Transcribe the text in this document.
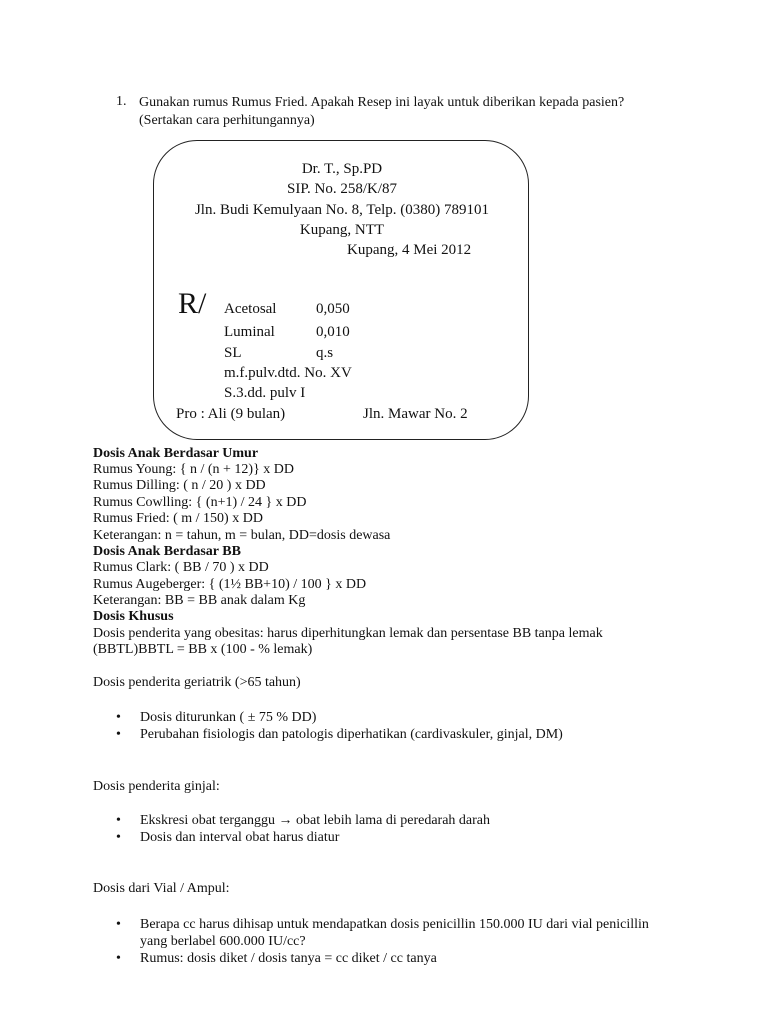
1. Gunakan rumus Rumus Fried. Apakah Resep ini layak untuk diberikan kepada pasien?
(Sertakan cara perhitungannya)
Dr. T., Sp.PD
SIP. No. 258/K/87
Jln. Budi Kemulyaan No. 8, Telp. (0380) 789101
Kupang, NTT
Kupang, 4 Mei 2012
R/ Acetosal	0,050
Luminal	0,010
SL	q.s
m.f.pulv.dtd. No. XV
S.3.dd. pulv I
Pro : Ali (9 bulan)	Jln. Mawar No. 2
Dosis Anak Berdasar Umur
Rumus Young: { n / (n + 12)} x DD
Rumus Dilling: ( n / 20 ) x DD
Rumus Cowlling: { (n+1) / 24 } x DD
Rumus Fried: ( m / 150) x DD
Keterangan: n = tahun, m = bulan, DD=dosis dewasa
Dosis Anak Berdasar BB
Rumus Clark: ( BB / 70 ) x DD
Rumus Augeberger: { (1½ BB+10) / 100 } x DD
Keterangan: BB = BB anak dalam Kg
Dosis Khusus
Dosis penderita yang obesitas: harus diperhitungkan lemak dan persentase BB tanpa lemak
(BBTL)BBTL = BB x (100 - % lemak)
Dosis penderita geriatrik (>65 tahun)
• Dosis diturunkan ( ± 75 % DD)
• Perubahan fisiologis dan patologis diperhatikan (cardivaskuler, ginjal, DM)
Dosis penderita ginjal:
• Ekskresi obat terganggu → obat lebih lama di peredarah darah
• Dosis dan interval obat harus diatur
Dosis dari Vial / Ampul:
• Berapa cc harus dihisap untuk mendapatkan dosis penicillin 150.000 IU dari vial penicillin
yang berlabel 600.000 IU/cc?
• Rumus: dosis diket / dosis tanya = cc diket / cc tanya
